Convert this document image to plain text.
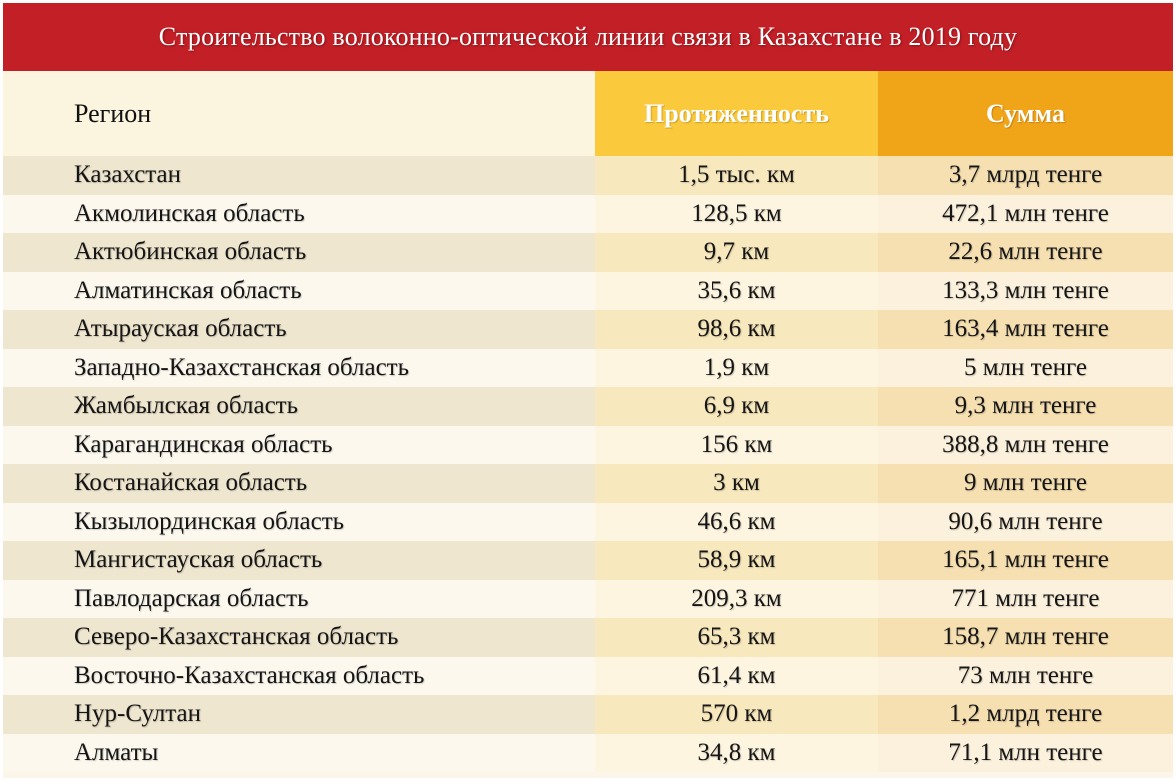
Строительство волоконно-оптической линии связи в Казахстане в 2019 году
Регион	Протяженность	Сумма
Казахстан	1,5 тыс. км	3,7 млрд тенге
Акмолинская область	128,5 км	472,1 млн тенге
Актюбинская область	9,7 км	22,6 млн тенге
Алматинская область	35,6 км	133,3 млн тенге
Атырауская область	98,6 км	163,4 млн тенге
Западно-Казахстанская область	1,9 км	5 млн тенге
Жамбылская область	6,9 км	9,3 млн тенге
Карагандинская область	156 км	388,8 млн тенге
Костанайская область	3 км	9 млн тенге
Кызылординская область	46,6 км	90,6 млн тенге
Мангистауская область	58,9 км	165,1 млн тенге
Павлодарская область	209,3 км	771 млн тенге
Северо-Казахстанская область	65,3 км	158,7 млн тенге
Восточно-Казахстанская область	61,4 км	73 млн тенге
Нур-Султан	570 км	1,2 млрд тенге
Алматы	34,8 км	71,1 млн тенге
